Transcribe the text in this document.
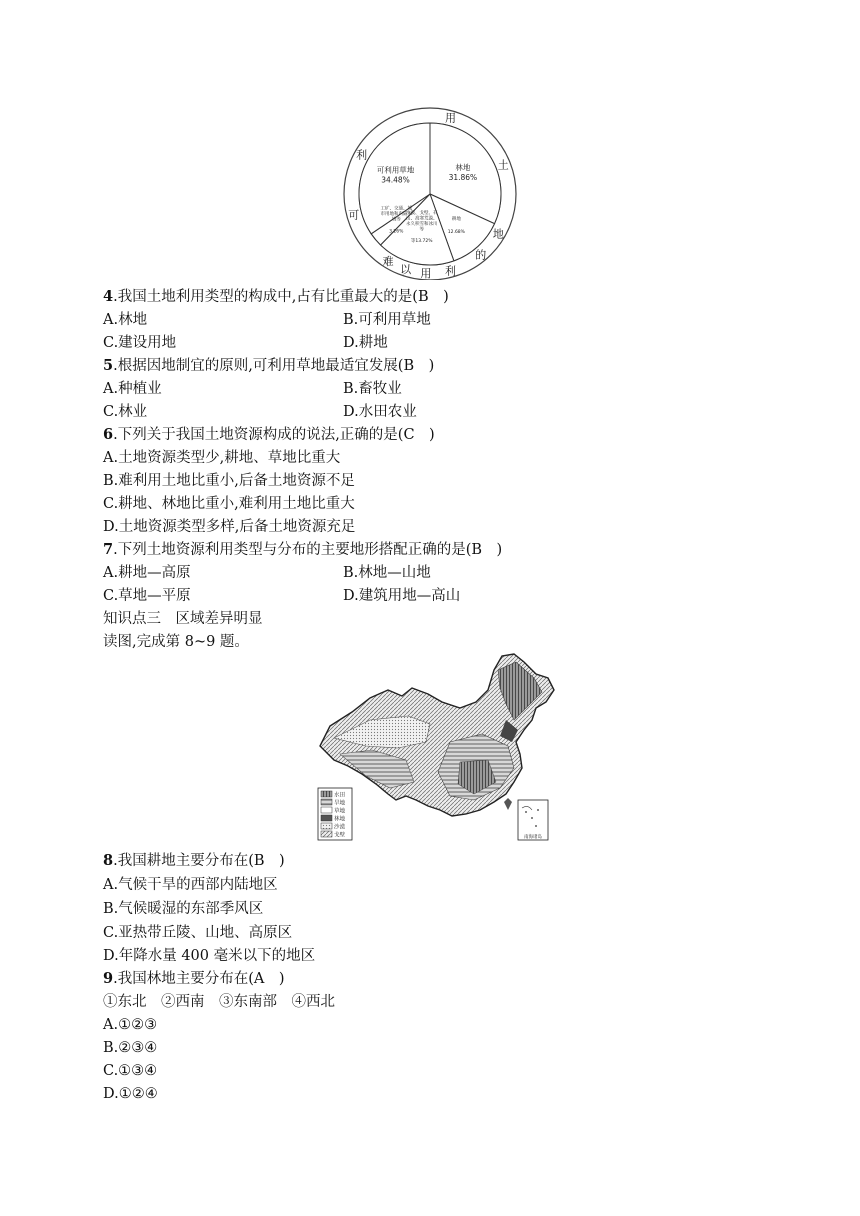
林地
31.86%
耕地
12.68%
沙漠、戈壁、石山、高寒荒漠、永久积雪和冰川等
等13.72%
工矿、交通、城市用地和内陆水域等
3.26%
可利用草地
34.48%
用
土
地
的
利
用
以
难
可
利
4.我国土地利用类型的构成中,占有比重最大的是(B　)
A.林地	B.可利用草地
C.建设用地	D.耕地
5.根据因地制宜的原则,可利用草地最适宜发展(B　)
A.种植业	B.畜牧业
C.林业	D.水田农业
6.下列关于我国土地资源构成的说法,正确的是(C　)
A.土地资源类型少,耕地、草地比重大
B.难利用土地比重小,后备土地资源不足
C.耕地、林地比重小,难利用土地比重大
D.土地资源类型多样,后备土地资源充足
7.下列土地资源利用类型与分布的主要地形搭配正确的是(B　)
A.耕地—高原	B.林地—山地
C.草地—平原	D.建筑用地—高山
知识点三　区域差异明显
读图,完成第 8~9 题。
水田
旱地
草地
林地
沙漠
戈壁	南海诸岛
8.我国耕地主要分布在(B　)
A.气候干旱的西部内陆地区
B.气候暖湿的东部季风区
C.亚热带丘陵、山地、高原区
D.年降水量 400 毫米以下的地区
9.我国林地主要分布在(A　)
①东北　②西南　③东南部　④西北
A.①②③
B.②③④
C.①③④
D.①②④
